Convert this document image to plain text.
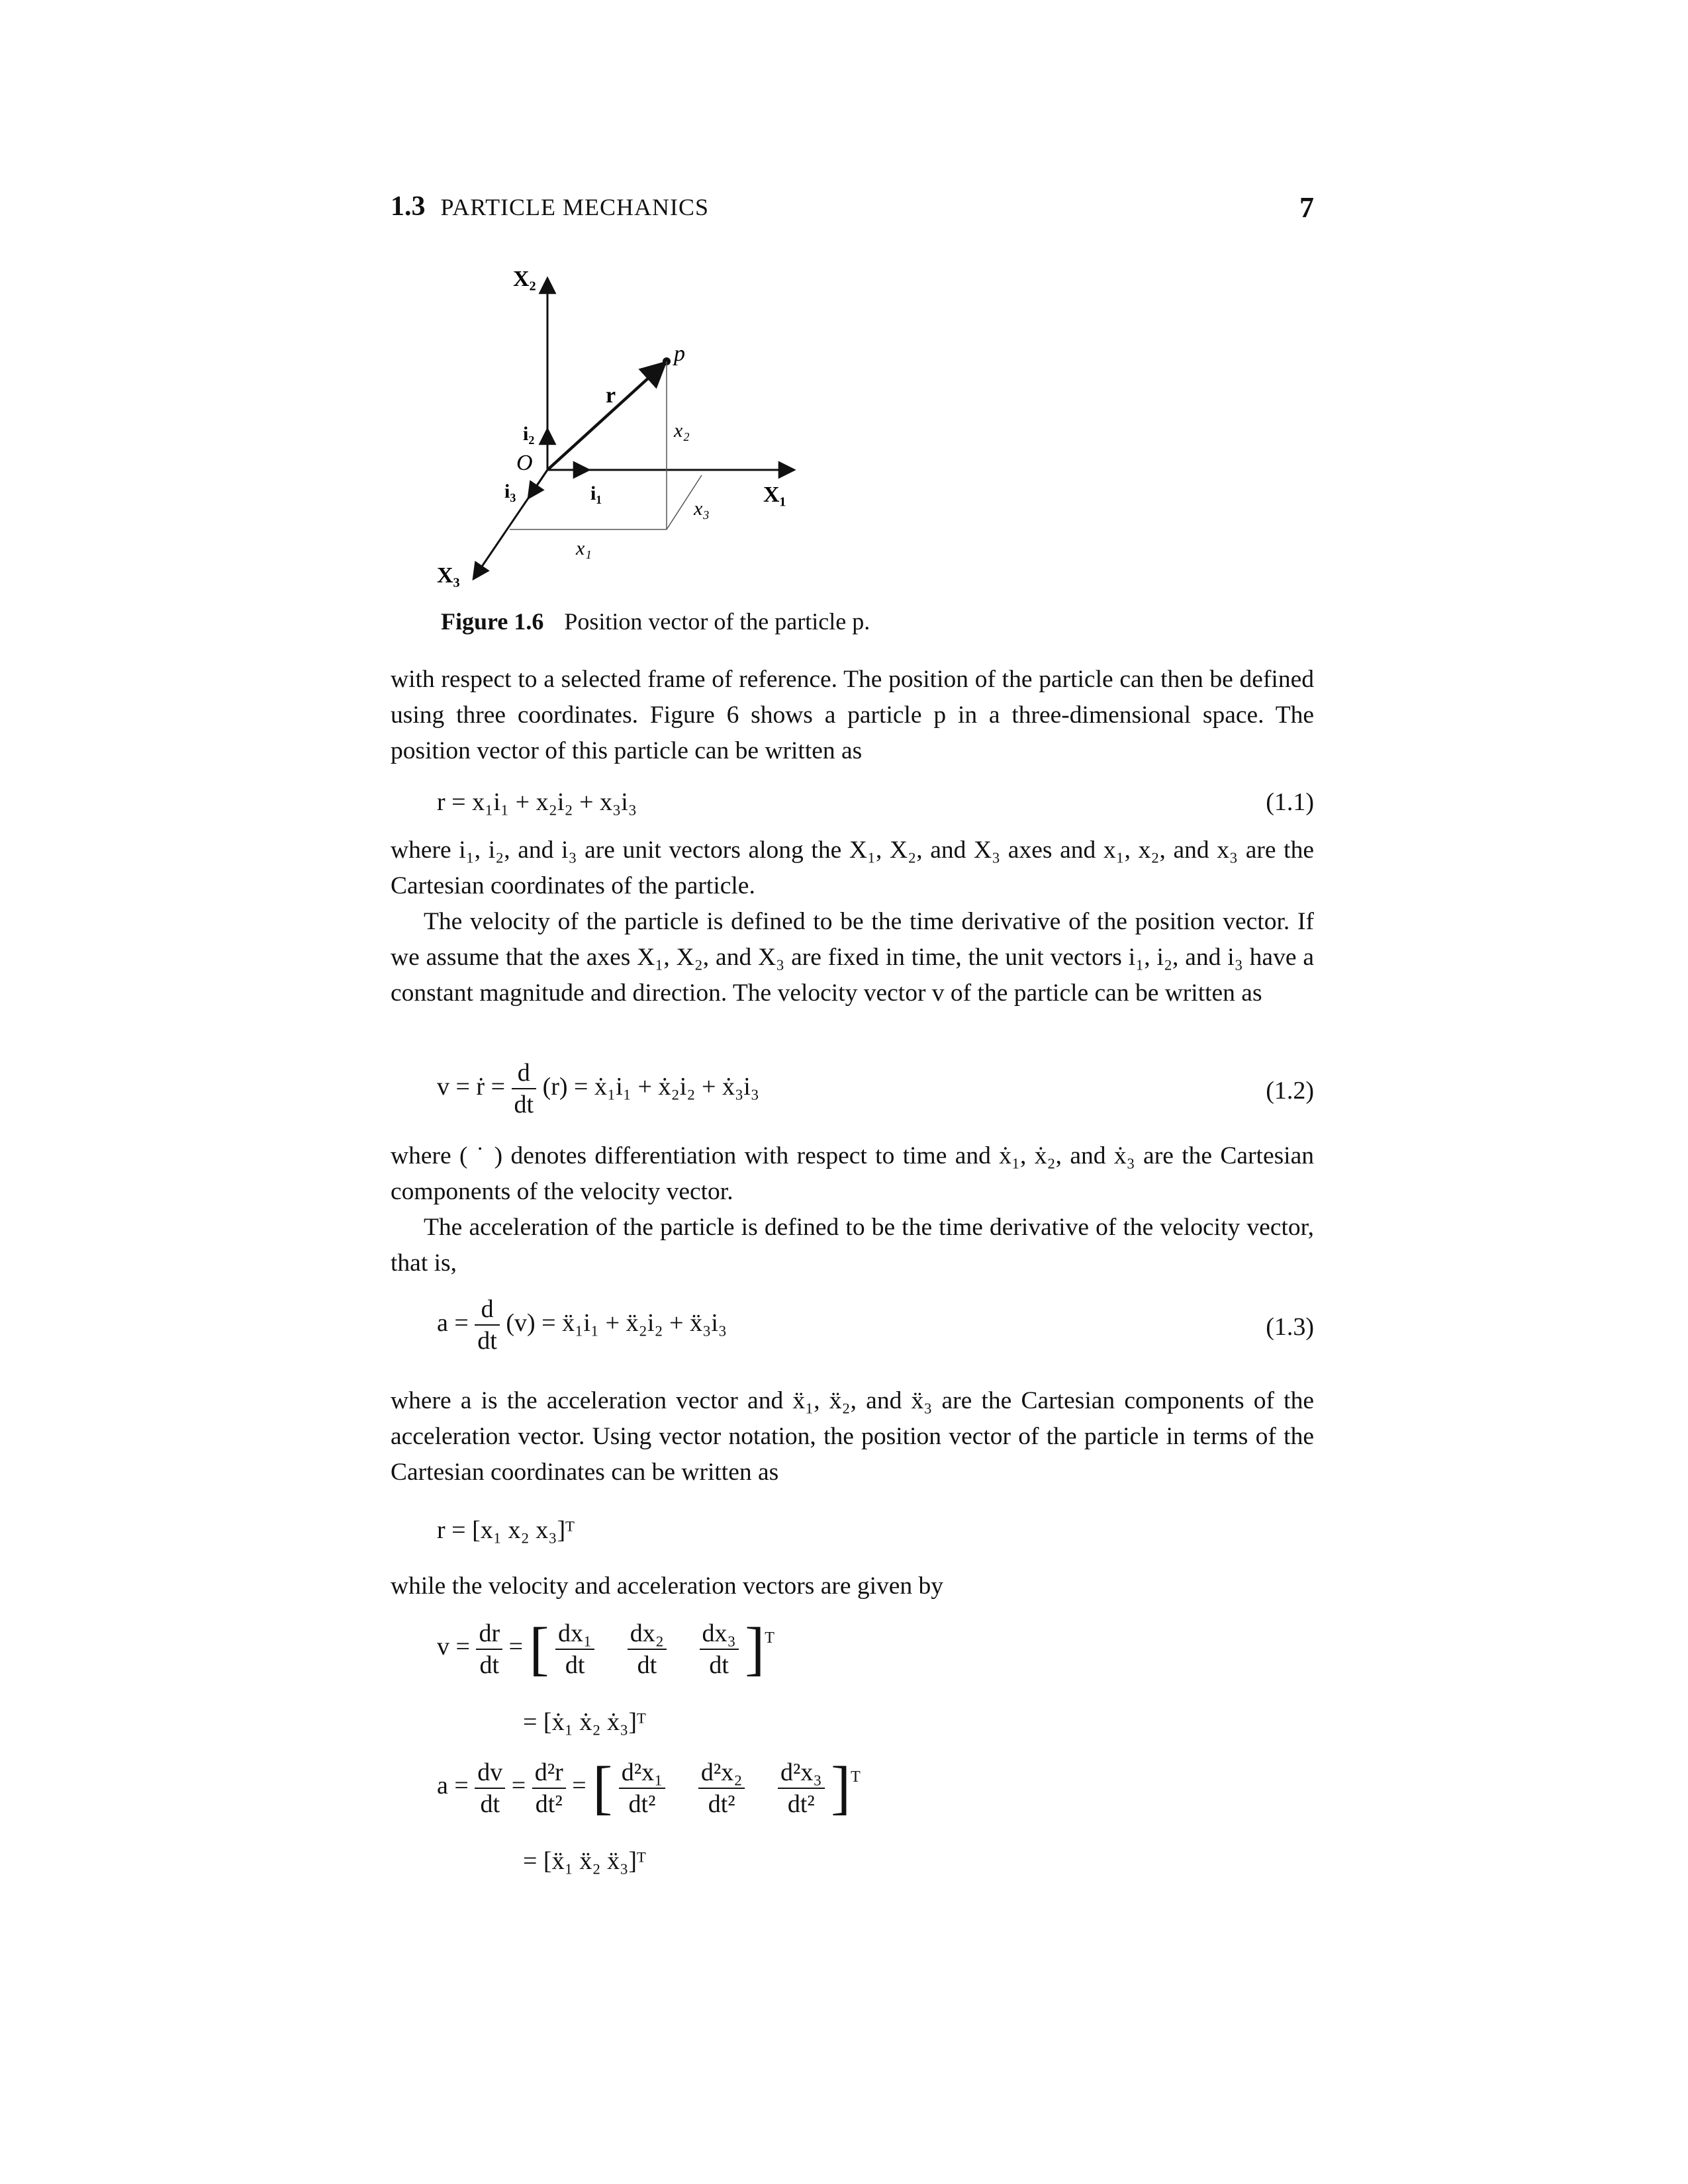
1.3 PARTICLE MECHANICS	7
X₂
X₁
X₃
i₂
i₁
i₃
O
r
p
x₂
x₃
x₁
Figure 1.6 Position vector of the particle p.
with respect to a selected frame of reference. The position of the particle can then be defined using three coordinates. Figure 6 shows a particle p in a three-dimensional space. The position vector of this particle can be written as
r = x₁i₁ + x₂i₂ + x₃i₃	(1.1)
where i₁, i₂, and i₃ are unit vectors along the X₁, X₂, and X₃ axes and x₁, x₂, and x₃ are the Cartesian coordinates of the particle.
The velocity of the particle is defined to be the time derivative of the position vector. If we assume that the axes X₁, X₂, and X₃ are fixed in time, the unit vectors i₁, i₂, and i₃ have a constant magnitude and direction. The velocity vector v of the particle can be written as
v = ṙ = $\frac{d}{dt} (r)$ = ẋ₁i₁ + ẋ₂i₂ + ẋ₃i₃	(1.2)
where ( ˙ ) denotes differentiation with respect to time and ẋ₁, ẋ₂, and ẋ₃ are the Cartesian components of the velocity vector.
The acceleration of the particle is defined to be the time derivative of the velocity vector, that is,
$a = \frac{d}{dt} (v)$ = ẍ₁i₁ + ẍ₂i₂ + ẍ₃i₃	(1.3)
where a is the acceleration vector and ẍ₁, ẍ₂, and ẍ₃ are the Cartesian components of the acceleration vector. Using vector notation, the position vector of the particle in terms of the Cartesian coordinates can be written as
r = [x₁ x₂ x₃]ᵀ
while the velocity and acceleration vectors are given by
$v = \frac{dr}{dt}$ = [ $\frac{\text{dx₁}}{dt}$
$\frac{\text{dx₂}}{dt}$
$\frac{\text{dx₃}}{dt} ]^T$
= [ẋ₁ ẋ₂ ẋ₃]ᵀ
$a = \frac{dv}{dt} = \frac{\text{d²r}}{\text{dt²}}$ = [ $\frac{\text{d²x₁}}{\text{dt²}}$
$\frac{\text{d²x₂}}{\text{dt²}}$
$\frac{\text{d²x₃}}{\text{dt²}} ]^T$
= [ẍ₁ ẍ₂ ẍ₃]ᵀ
